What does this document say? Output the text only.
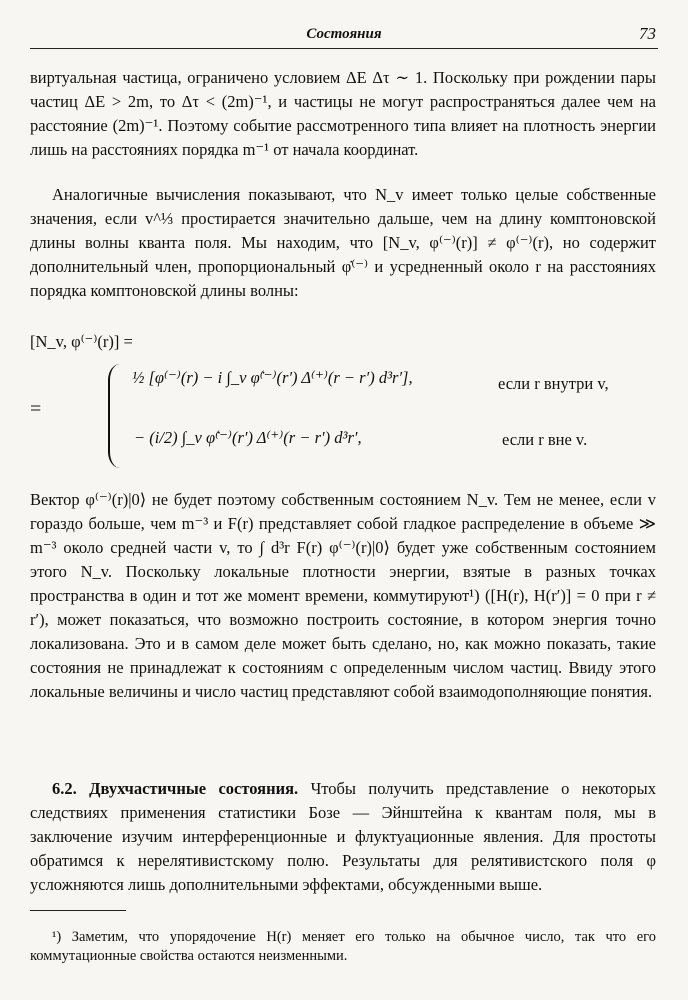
Состояния	73

виртуальная частица, ограничено условием ΔE Δτ ∼ 1. Поскольку при рождении пары частиц ΔE > 2m, то Δτ < (2m)⁻¹, и частицы не могут распространяться далее чем на расстояние (2m)⁻¹. Поэтому событие рассмотренного типа влияет на плотность энергии лишь на расстояниях порядка m⁻¹ от начала координат.

Аналогичные вычисления показывают, что N_v имеет только целые собственные значения, если v^⅓ простирается значительно дальше, чем на длину комптоновской длины волны кванта поля. Мы находим, что [N_v, φ⁽⁻⁾(r)] ≠ φ⁽⁻⁾(r), но содержит дополнительный член, пропорциональный φ̇⁽⁻⁾ и усредненный около r на расстояниях порядка комптоновской длины волны:

[N_v, φ⁽⁻⁾(r)] =
=
½ [φ⁽⁻⁾(r) − i ∫_v φ̇⁽⁻⁾(r′) Δ⁽⁺⁾(r − r′) d³r′],	если r внутри v,
− (i/2) ∫_v φ̇⁽⁻⁾(r′) Δ⁽⁺⁾(r − r′) d³r′,	если r вне v.

Вектор φ⁽⁻⁾(r)|0⟩ не будет поэтому собственным состоянием N_v. Тем не менее, если v гораздо больше, чем m⁻³ и F(r) представляет собой гладкое распределение в объеме ≫ m⁻³ около средней части v, то ∫ d³r F(r) φ⁽⁻⁾(r)|0⟩ будет уже собственным состоянием этого N_v. Поскольку локальные плотности энергии, взятые в разных точках пространства в один и тот же момент времени, коммутируют¹) ([H(r), H(r′)] = 0 при r ≠ r′), может показаться, что возможно построить состояние, в котором энергия точно локализована. Это и в самом деле может быть сделано, но, как можно показать, такие состояния не принадлежат к состояниям с определенным числом частиц. Ввиду этого локальные величины и число частиц представляют собой взаимодополняющие понятия.

6.2. Двухчастичные состояния. Чтобы получить представление о некоторых следствиях применения статистики Бозе — Эйнштейна к квантам поля, мы в заключение изучим интерференционные и флуктуационные явления. Для простоты обратимся к нерелятивистскому полю. Результаты для релятивистского поля φ усложняются лишь дополнительными эффектами, обсужденными выше.

¹) Заметим, что упорядочение H(r) меняет его только на обычное число, так что его коммутационные свойства остаются неизменными.
